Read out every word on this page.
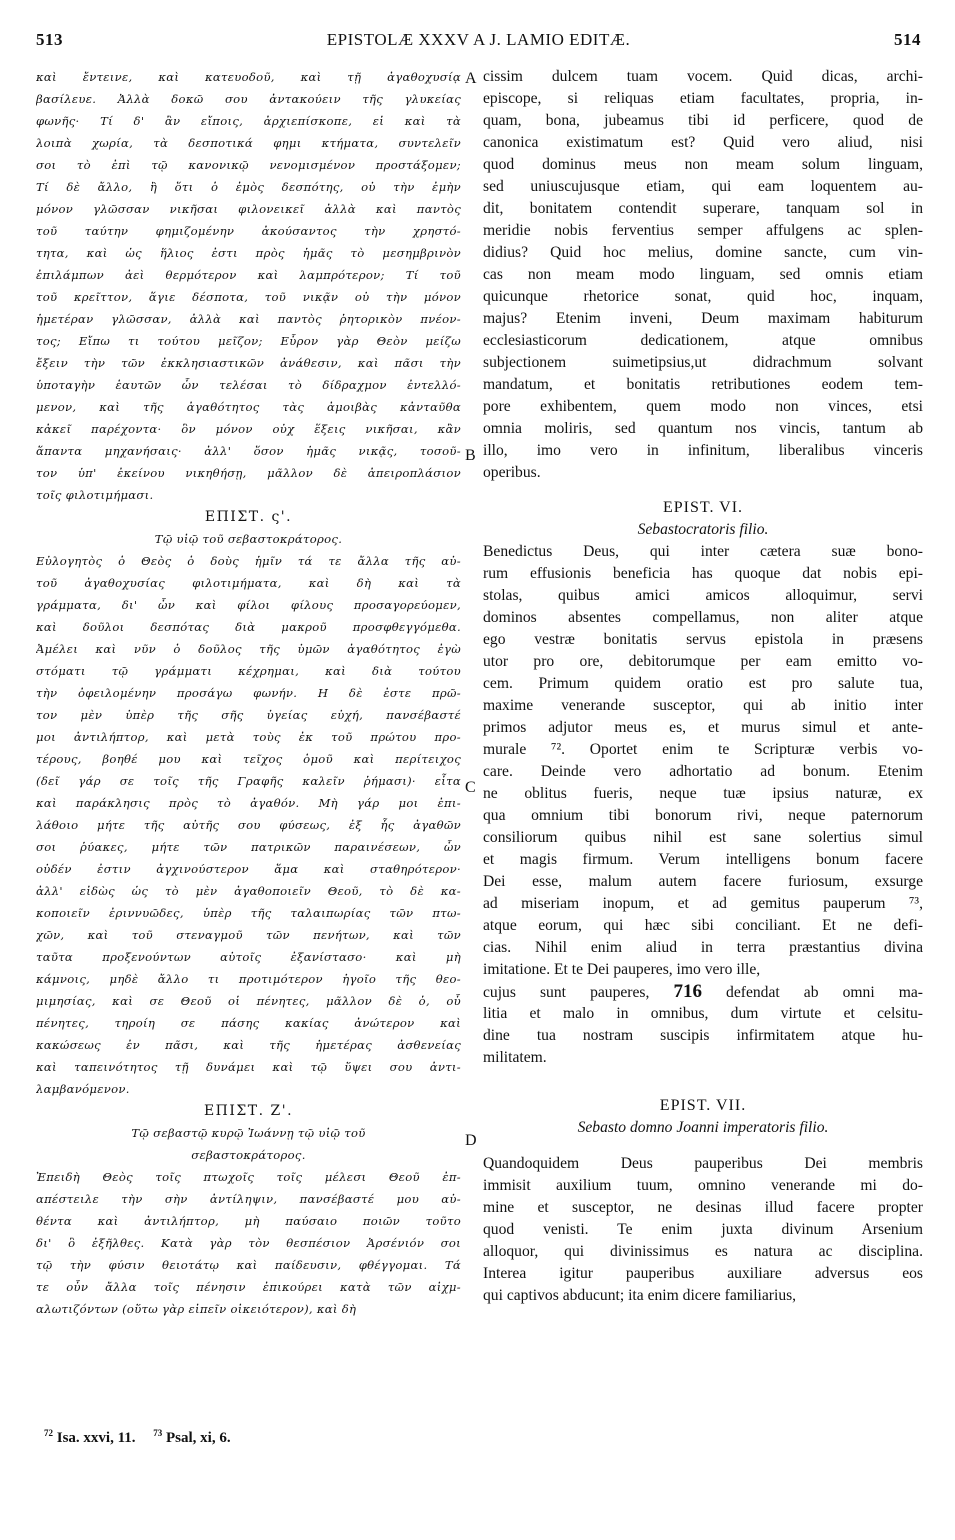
513	EPISTOLÆ XXXV A J. LAMIO EDITÆ.	514
καὶ ἔντεινε, καὶ κατευοδοῦ, καὶ τῇ ἀγαθοχυσίᾳ
βασίλευε. Ἀλλὰ δοκῶ σου ἀντακούειν τῆς γλυκείας
φωνῆς· Τί δ' ἂν εἴποις, ἀρχιεπίσκοπε, εἰ καὶ τὰ
λοιπὰ χωρία, τὰ δεσποτικά φημι κτήματα, συντελεῖν
σοι τὸ ἐπὶ τῷ κανονικῷ νενομισμένον προστάξομεν;
Τί δὲ ἄλλο, ἢ ὅτι ὁ ἐμὸς δεσπότης, οὐ τὴν ἐμὴν
μόνον γλῶσσαν νικῆσαι φιλονεικεῖ ἀλλὰ καὶ παντὸς
τοῦ ταύτην φημιζομένην ἀκούσαντος τὴν χρηστό-
τητα, καὶ ὡς ἥλιος ἐστι πρὸς ἡμᾶς τὸ μεσημβρινὸν
ἐπιλάμπων ἀεὶ θερμότερον καὶ λαμπρότερον; Τί τοῦ
τοῦ κρεῖττον, ἅγιε δέσποτα, τοῦ νικᾷν οὐ τὴν μόνον
ἡμετέραν γλῶσσαν, ἀλλὰ καὶ παντὸς ῥητορικὸν πνέον-
τος; Εἴπω τι τούτου μεῖζον; Εὗρον γὰρ Θεὸν μείζω
ἔξειν τὴν τῶν ἐκκλησιαστικῶν ἀνάθεσιν, καὶ πᾶσι τὴν
ὑποταγὴν ἑαυτῶν ὧν τελέσαι τὸ δίδραχμον ἐντελλό-
μενον, καὶ τῆς ἀγαθότητος τὰς ἀμοιβὰς κἀνταῦθα
κἀκεῖ παρέχοντα· ὃν μόνον οὐχ ἕξεις νικῆσαι, κἂν
ἅπαντα μηχανήσαις· ἀλλ' ὅσον ἡμᾶς νικᾷς, τοσοῦ-
τον ὑπ' ἐκείνου νικηθήσῃ, μᾶλλον δὲ ἀπειροπλάσιον
τοῖς φιλοτιμήμασι.
ΕΠΙΣΤ. ς'.
Τῷ υἱῷ τοῦ σεβαστοκράτορος.
Εὐλογητὸς ὁ Θεὸς ὁ δοὺς ἡμῖν τά τε ἄλλα τῆς αὐ-
τοῦ ἀγαθοχυσίας φιλοτιμήματα, καὶ δὴ καὶ τὰ
γράμματα, δι' ὧν καὶ φίλοι φίλους προσαγορεύομεν,
καὶ δοῦλοι δεσπότας διὰ μακροῦ προσφθεγγόμεθα.
Ἀμέλει καὶ νῦν ὁ δοῦλος τῆς ὑμῶν ἀγαθότητος ἐγὼ
στόματι τῷ γράμματι κέχρημαι, καὶ διὰ τούτου
τὴν ὀφειλομένην προσάγω φωνήν. Η δὲ ἐστε πρῶ-
τον μὲν ὑπὲρ τῆς σῆς ὑγείας εὐχή, πανσέβαστέ
μοι ἀντιλήπτορ, καὶ μετὰ τοὺς ἐκ τοῦ πρώτου προ-
τέρους, βοηθέ μου καὶ τεῖχος ὁμοῦ καὶ περίτειχος
(δεῖ γάρ σε τοῖς τῆς Γραφῆς καλεῖν ῥήμασι)· εἶτα
καὶ παράκλησις πρὸς τὸ ἀγαθόν. Μὴ γάρ μοι ἐπι-
λάθοιο μήτε τῆς αὐτῆς σου φύσεως, ἐξ ἧς ἀγαθῶν
σοι ῥύακες, μήτε τῶν πατρικῶν παραινέσεων, ὧν
οὐδέν ἐστιν ἀγχινούστερον ἅμα καὶ σταθηρότερον·
ἀλλ' εἰδὼς ὡς τὸ μὲν ἀγαθοποιεῖν Θεοῦ, τὸ δὲ κα-
κοποιεῖν ἐριννυῶδες, ὑπὲρ τῆς ταλαιπωρίας τῶν πτω-
χῶν, καὶ τοῦ στεναγμοῦ τῶν πενήτων, καὶ τῶν
ταῦτα προξενούντων αὐτοῖς ἐξανίστασο· καὶ μὴ
κάμνοις, μηδὲ ἄλλο τι προτιμότερον ἡγοῖο τῆς θεο-
μιμησίας, καὶ σε Θεοῦ οἱ πένητες, μᾶλλον δὲ ὁ, οὗ
πένητες, τηροίη σε πάσης κακίας ἀνώτερον καὶ
κακώσεως ἐν πᾶσι, καὶ τῆς ἡμετέρας ἀσθενείας
καὶ ταπεινότητος τῇ δυνάμει καὶ τῷ ὕψει σου ἀντι-
λαμβανόμενον.
ΕΠΙΣΤ. Ζ'.
Τῷ σεβαστῷ κυρῷ Ἰωάννῃ τῷ υἱῷ τοῦ
σεβαστοκράτορος.
Ἐπειδὴ Θεὸς τοῖς πτωχοῖς τοῖς μέλεσι Θεοῦ ἐπ-
απέστειλε τὴν σὴν ἀντίληψιν, πανσέβαστέ μου αὐ-
θέντα καὶ ἀντιλήπτορ, μὴ παύσαιο ποιῶν τοῦτο
δι' ὃ ἐξῆλθες. Κατὰ γὰρ τὸν θεσπέσιον Ἀρσένιόν σοι
τῷ τὴν φύσιν θειοτάτῳ καὶ παίδευσιν, φθέγγομαι. Τά
τε οὖν ἄλλα τοῖς πένησιν ἐπικούρει κατὰ τῶν αἰχμ-
αλωτιζόντων (οὕτω γὰρ εἰπεῖν οἰκειότερον), καὶ δὴ
cissim dulcem tuam vocem. Quid dicas, archi-
episcope, si reliquas etiam facultates, propria, in-
quam, bona, jubeamus tibi id perficere, quod de
canonica existimatum est? Quid vero aliud, nisi
quod dominus meus non meam solum linguam,
sed uniuscujusque etiam, qui eam loquentem au-
dit, bonitatem contendit superare, tanquam sol in
meridie nobis ferventius semper affulgens ac splen-
didius? Quid hoc melius, domine sancte, cum vin-
cas non meam modo linguam, sed omnis etiam
quicunque rhetorice sonat, quid hoc, inquam,
majus? Etenim inveni, Deum maximam habiturum
ecclesiasticorum dedicationem, atque omnibus
subjectionem suimetipsius,ut didrachmum solvant
mandatum, et bonitatis retributiones eodem tem-
pore exhibentem, quem modo non vinces, etsi
omnia moliris, sed quantum nos vincis, tantum ab
illo, imo vero in infinitum, liberalibus vinceris
operibus.
EPIST. VI.
Sebastocratoris filio.
Benedictus Deus, qui inter cætera suæ bono-
rum effusionis beneficia has quoque dat nobis epi-
stolas, quibus amici amicos alloquimur, servi
dominos absentes compellamus, non aliter atque
ego vestræ bonitatis servus epistola in præsens
utor pro ore, debitorumque per eam emitto vo-
cem. Primum quidem oratio est pro salute tua,
maxime venerande susceptor, qui ab initio inter
primos adjutor meus es, et murus simul et ante-
murale ⁷². Oportet enim te Scripturæ verbis vo-
care. Deinde vero adhortatio ad bonum. Etenim
ne oblitus fueris, neque tuæ ipsius naturæ, ex
qua omnium tibi bonorum rivi, neque paternorum
consiliorum quibus nihil est sane solertius simul
et magis firmum. Verum intelligens bonum facere
Dei esse, malum autem facere furiosum, exsurge
ad miseriam inopum, et ad gemitus pauperum ⁷³,
atque eorum, qui hæc sibi conciliant. Et ne defi-
cias. Nihil enim aliud in terra præstantius divina
imitatione. Et te Dei pauperes, imo vero ille,
cujus sunt pauperes, 716 defendat ab omni ma-
litia et malo in omnibus, dum virtute et celsitu-
dine tua nostram suscipis infirmitatem atque hu-
militatem.
EPIST. VII.
Sebasto domno Joanni imperatoris filio.
Quandoquidem Deus pauperibus Dei membris
immisit auxilium tuum, omnino venerande mi do-
mine et susceptor, ne desinas illud facere propter
quod venisti. Te enim juxta divinum Arsenium
alloquor, qui divinissimus es natura ac disciplina.
Interea igitur pauperibus auxiliare adversus eos
qui captivos abducunt; ita enim dicere familiarius,
A
B
C
D
$^{72}$ Isa. xxvi, 11. $^{73}$ Psal, xi, 6.
